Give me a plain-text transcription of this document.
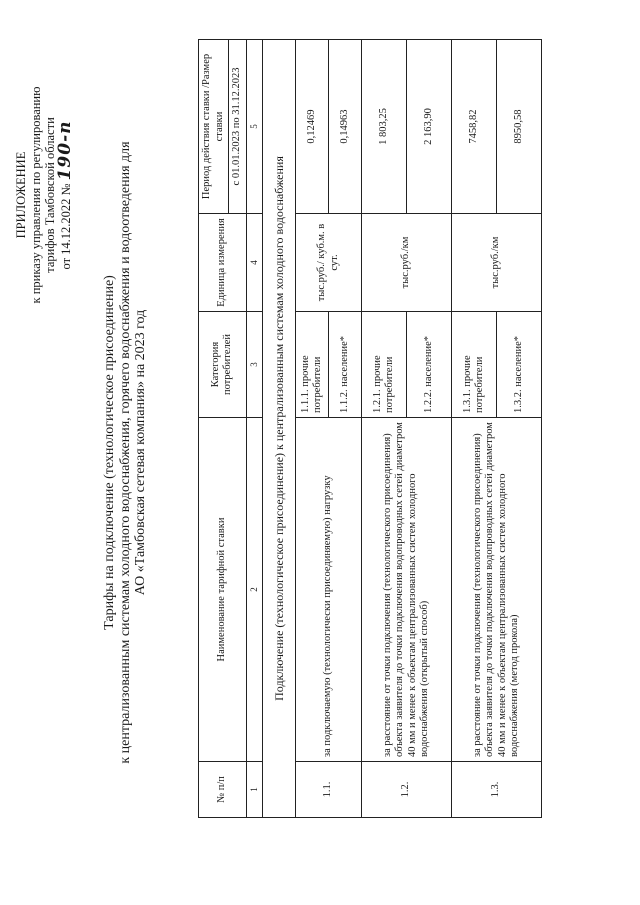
ПРИЛОЖЕНИЕ к приказу управления по регулированию тарифов Тамбовской области от 14.12.2022 № 190-п
Тарифы на подключение (технологическое присоединение) к централизованным системам холодного водоснабжения, горячего водоснабжения и водоотведения для АО «Тамбовская сетевая компания» на 2023 год
№ п/п	Наименование тарифной ставки	Категория потребителей	Единица измерения	Период действия ставки /Размер ставки
				с 01.01.2023 по 31.12.2023
1	2	3	4	5
Подключение (технологическое присоединение) к централизованным системам холодного водоснабжения				
1.1.	за подключаемую (технологически присоединяемую) нагрузку	1.1.1. прочие потребители	тыс.руб./ куб.м. в сут.	0,12469
		1.1.2. население*		0,14963
1.2.	за расстояние от точки подключения (технологического присоединения) объекта заявителя до точки подключения водопроводных сетей диаметром 40 мм и менее к объектам централизованных систем холодного водоснабжения (открытый способ)	1.2.1. прочие потребители	тыс.руб./км	1 803,25
		1.2.2. население*		2 163,90
1.3.	за расстояние от точки подключения (технологического присоединения) объекта заявителя до точки подключения водопроводных сетей диаметром 40 мм и менее к объектам централизованных систем холодного водоснабжения (метод прокола)	1.3.1. прочие потребители	тыс.руб./км	7458,82
		1.3.2. население*		8950,58
